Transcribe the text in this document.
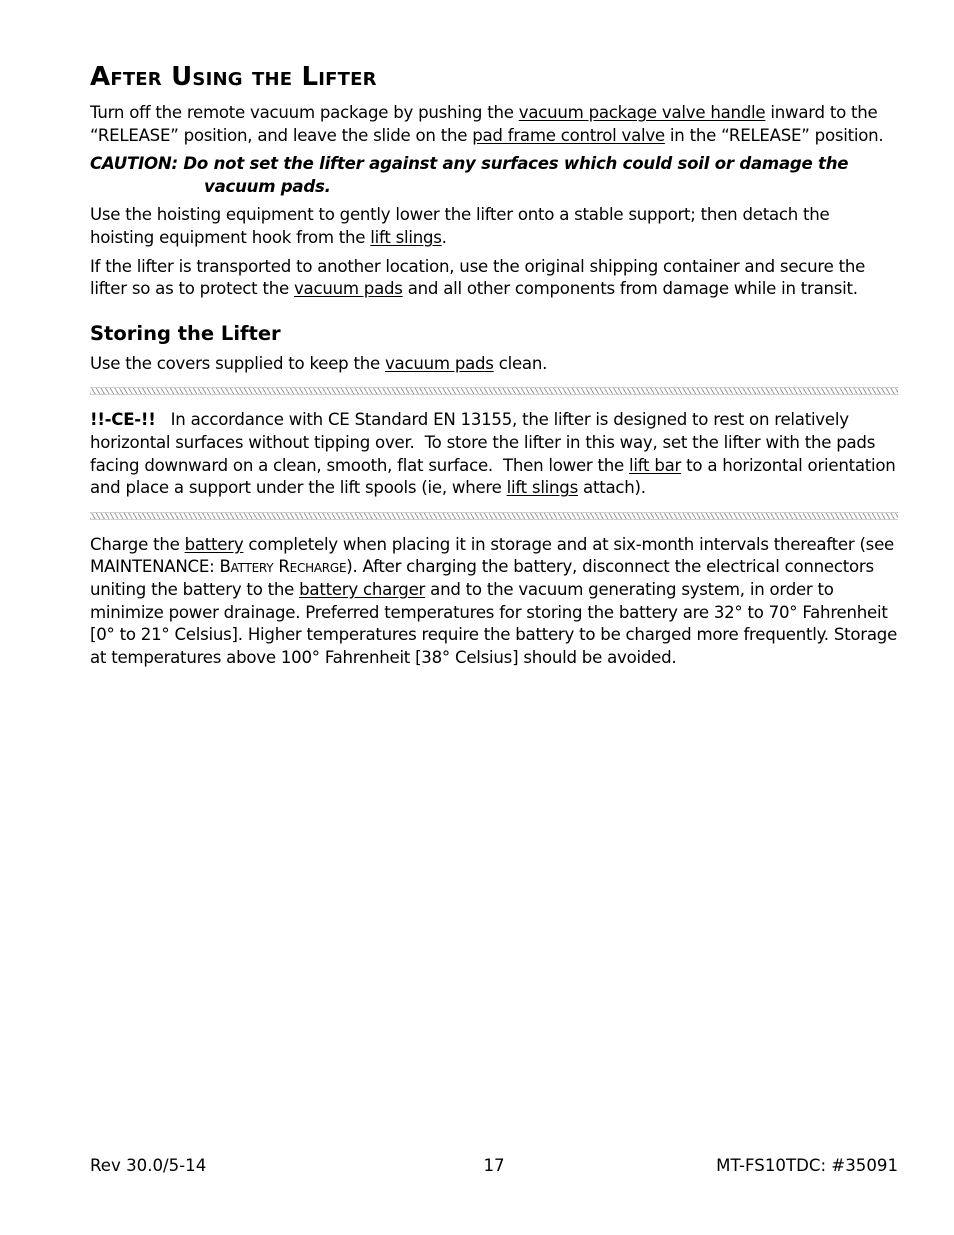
After Using the Lifter

Turn off the remote vacuum package by pushing the vacuum package valve handle inward to the “RELEASE” position, and leave the slide on the pad frame control valve in the “RELEASE” position.

CAUTION: Do not set the lifter against any surfaces which could soil or damage the
vacuum pads.

Use the hoisting equipment to gently lower the lifter onto a stable support; then detach the hoisting equipment hook from the lift slings.

If the lifter is transported to another location, use the original shipping container and secure the lifter so as to protect the vacuum pads and all other components from damage while in transit.

Storing the Lifter

Use the covers supplied to keep the vacuum pads clean.

!!-CE-!!   In accordance with CE Standard EN 13155, the lifter is designed to rest on relatively horizontal surfaces without tipping over.  To store the lifter in this way, set the lifter with the pads facing downward on a clean, smooth, flat surface.  Then lower the lift bar to a horizontal orientation and place a support under the lift spools (ie, where lift slings attach).

Charge the battery completely when placing it in storage and at six-month intervals thereafter (see MAINTENANCE: Battery Recharge). After charging the battery, disconnect the electrical connectors uniting the battery to the battery charger and to the vacuum generating system, in order to minimize power drainage. Preferred temperatures for storing the battery are 32° to 70° Fahrenheit [0° to 21° Celsius]. Higher temperatures require the battery to be charged more frequently. Storage at temperatures above 100° Fahrenheit [38° Celsius] should be avoided.

Rev 30.0/5-14	17	MT-FS10TDC: #35091
